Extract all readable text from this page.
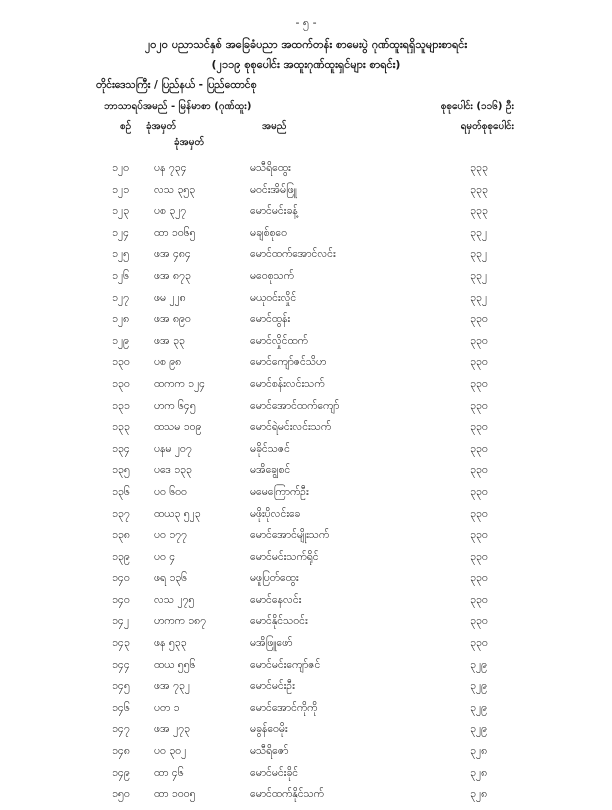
- ၅ -
၂၀၂၀ ပညာသင်နှစ် အခြေခံပညာ အထက်တန်း စာမေးပွဲ ဂုဏ်ထူးရရှိသူများစာရင်း
(၂၁၁၉ စုစုပေါင်း အထူးဂုဏ်ထူးရှင်များ စာရင်း)
တိုင်းဒေသကြီး / ပြည်နယ် - ပြည်ထောင်စု
ဘာသာရပ်အမည် - မြန်မာစာ (ဂုဏ်ထူး)	စုစုပေါင်း (၁၁၆) ဦး
စဉ် ခုံအမှတ်
ခုံအမှတ်
အမည်	ရမှတ်စုစုပေါင်း
၁၂၀ ပန ၇၃၄	မသီရိထွေး	၃၃၃
၁၂၁ လသ ၃၅၃	မဝင်းအိမ်ဖြူ	၃၃၃
၁၂၃ ပစ ၃၂၇	မောင်မင်းခန့်	၃၃၃
၁၂၄ ထာ ၁၀၆၅	မချစ်စုဝေ	၃၃၂
၁၂၅ ဖအ ၄၈၄	မောင်ထက်အောင်လင်း	၃၃၂
၁၂၆ ဖအ ၈၇၃	မဝေစုသက်	၃၃၂
၁၂၇ ဖမ ၂၂၈	မယုဝင်းလှိုင်	၃၃၂
၁၂၈ ဖအ ၈၉၀	မောင်ထွန်း	၃၃၀
၁၂၉ ဖအ ၃၃	မောင်လှိုင်ထက်	၃၃၀
၁၃၀ ပစ ၉၈	မောင်ကျော်ဇင်သိဟ	၃၃၀
၁၃၀ ထကက ၁၂၄	မောင်စန်းလင်းသက်	၃၃၀
၁၃၁ ဟက ၆၄၅	မောင်အောင်ထက်ကျော်	၃၃၀
၁၃၃ ထသမ ၁၀၉	မောင်ရဲမင်းလင်းသက်	၃၃၀
၁၃၄ ပနမ ၂၀၇	မခိုင်သဇင်	၃၃၀
၁၃၅ ပဒေ ၁၃၃	မအိချွေစင်	၃၃၀
၁၃၆ ပဝ ၆၀၀	မမေကြောက်ဦး	၃၃၀
၁၃၇ ထယ၃ ၅၂၃	မဖိုးပိုလင်းခေ	၃၃၀
၁၃၈ ပဝ ၁၇၇	မောင်အောင်မျိုးသက်	၃၃၀
၁၃၉ ပဝ ၄	မောင်မင်းသက်ရိုင်	၃၃၀
၁၄၀ ဖရ ၁၃၆	မဖူပြတ်ထွေး	၃၃၀
၁၄၀ လသ ၂၇၅	မောင်နေလင်း	၃၃၀
၁၄၂ ဟကက ၁၈၇	မောင်နိုင်သဝင်း	၃၃၀
၁၄၃ ဖန ၅၃၃	မအိဖြူဖော်	၃၃၀
၁၄၄ ထယ ၅၅၆	မောင်မင်းကျော်ဇင်	၃၂၉
၁၄၅ ဖအ ၇၃၂	မောင်မင်းဦး	၃၂၉
၁၄၆ ပတ ၁	မောင်အောင်ကိုကို	၃၂၉
၁၄၇ ဖအ ၂၇၃	မခွန်ဝေမိုး	၃၂၉
၁၄၈ ပဝ ၃၀၂	မသီရိဇော်	၃၂၈
၁၄၉ ထာ ၄၆	မောင်မင်းခိုင်	၃၂၈
၁၅၀ ထာ ၁၀၀၅	မောင်ထက်နိုင်သက်	၃၂၈
